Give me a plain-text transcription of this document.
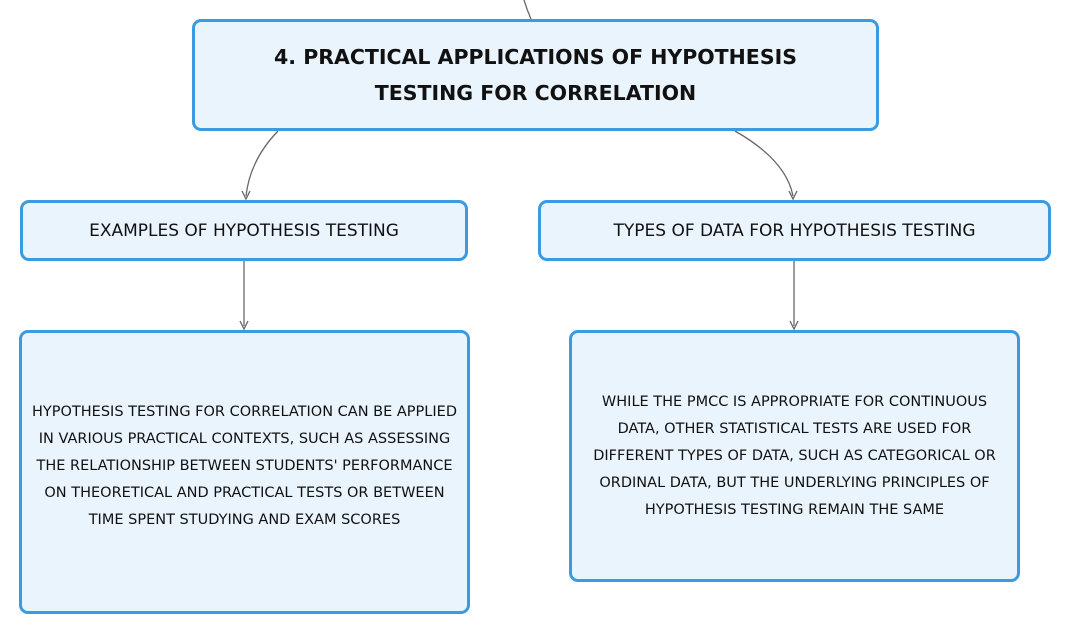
4. PRACTICAL APPLICATIONS OF HYPOTHESIS TESTING FOR CORRELATION
EXAMPLES OF HYPOTHESIS TESTING	TYPES OF DATA FOR HYPOTHESIS TESTING
HYPOTHESIS TESTING FOR CORRELATION CAN BE APPLIED IN VARIOUS PRACTICAL CONTEXTS, SUCH AS ASSESSING THE RELATIONSHIP BETWEEN STUDENTS' PERFORMANCE ON THEORETICAL AND PRACTICAL TESTS OR BETWEEN TIME SPENT STUDYING AND EXAM SCORES
WHILE THE PMCC IS APPROPRIATE FOR CONTINUOUS DATA, OTHER STATISTICAL TESTS ARE USED FOR DIFFERENT TYPES OF DATA, SUCH AS CATEGORICAL OR ORDINAL DATA, BUT THE UNDERLYING PRINCIPLES OF HYPOTHESIS TESTING REMAIN THE SAME
